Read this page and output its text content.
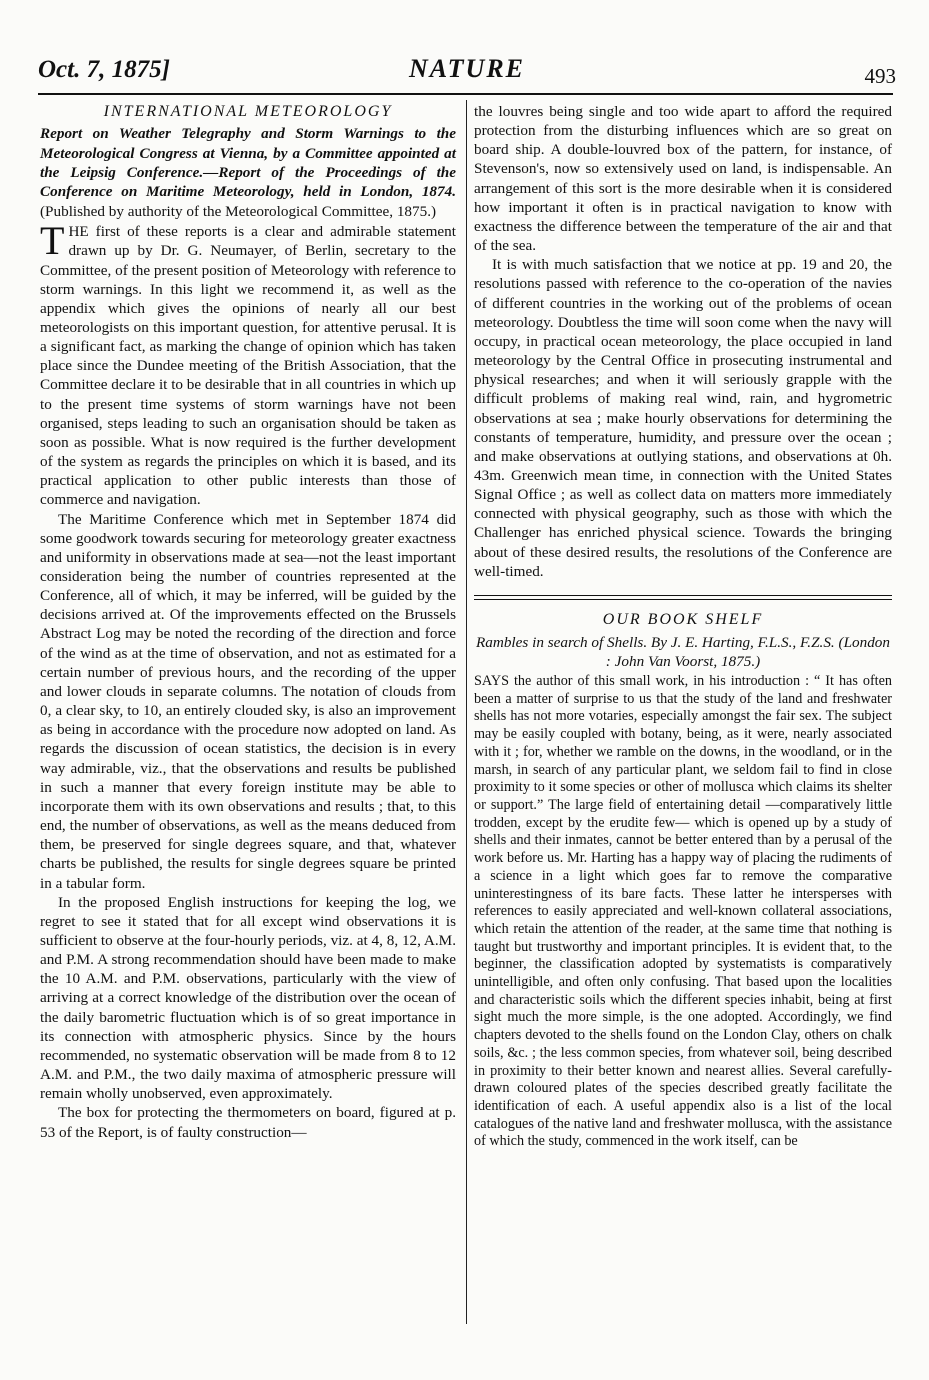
Oct. 7, 1875]	NATURE	493
INTERNATIONAL METEOROLOGY
Report on Weather Telegraphy and Storm Warnings to the Meteorological Congress at Vienna, by a Committee appointed at the Leipsig Conference.—Report of the Proceedings of the Conference on Maritime Meteorology, held in London, 1874. (Published by authority of the Meteorological Committee, 1875.)

THE first of these reports is a clear and admirable statement drawn up by Dr. G. Neumayer, of Berlin, secretary to the Committee, of the present position of Meteorology with reference to storm warnings. In this light we recommend it, as well as the appendix which gives the opinions of nearly all our best meteorologists on this important question, for attentive perusal. It is a significant fact, as marking the change of opinion which has taken place since the Dundee meeting of the British Association, that the Committee declare it to be desirable that in all countries in which up to the present time systems of storm warnings have not been organised, steps leading to such an organisation should be taken as soon as possible. What is now required is the further development of the system as regards the principles on which it is based, and its practical application to other public interests than those of commerce and navigation.

The Maritime Conference which met in September 1874 did some goodwork towards securing for meteorology greater exactness and uniformity in observations made at sea—not the least important consideration being the number of countries represented at the Conference, all of which, it may be inferred, will be guided by the decisions arrived at. Of the improvements effected on the Brussels Abstract Log may be noted the recording of the direction and force of the wind as at the time of observation, and not as estimated for a certain number of previous hours, and the recording of the upper and lower clouds in separate columns. The notation of clouds from 0, a clear sky, to 10, an entirely clouded sky, is also an improvement as being in accordance with the procedure now adopted on land. As regards the discussion of ocean statistics, the decision is in every way admirable, viz., that the observations and results be published in such a manner that every foreign institute may be able to incorporate them with its own observations and results ; that, to this end, the number of observations, as well as the means deduced from them, be preserved for single degrees square, and that, whatever charts be published, the results for single degrees square be printed in a tabular form.

In the proposed English instructions for keeping the log, we regret to see it stated that for all except wind observations it is sufficient to observe at the four-hourly periods, viz. at 4, 8, 12, A.M. and P.M. A strong recommendation should have been made to make the 10 A.M. and P.M. observations, particularly with the view of arriving at a correct knowledge of the distribution over the ocean of the daily barometric fluctuation which is of so great importance in its connection with atmospheric physics. Since by the hours recommended, no systematic observation will be made from 8 to 12 A.M. and P.M., the two daily maxima of atmospheric pressure will remain wholly unobserved, even approximately.

The box for protecting the thermometers on board, figured at p. 53 of the Report, is of faulty construction—

the louvres being single and too wide apart to afford the required protection from the disturbing influences which are so great on board ship. A double-louvred box of the pattern, for instance, of Stevenson's, now so extensively used on land, is indispensable. An arrangement of this sort is the more desirable when it is considered how important it often is in practical navigation to know with exactness the difference between the temperature of the air and that of the sea.

It is with much satisfaction that we notice at pp. 19 and 20, the resolutions passed with reference to the co-operation of the navies of different countries in the working out of the problems of ocean meteorology. Doubtless the time will soon come when the navy will occupy, in practical ocean meteorology, the place occupied in land meteorology by the Central Office in prosecuting instrumental and physical researches; and when it will seriously grapple with the difficult problems of making real wind, rain, and hygrometric observations at sea ; make hourly observations for determining the constants of temperature, humidity, and pressure over the ocean ; and make observations at outlying stations, and observations at 0h. 43m. Greenwich mean time, in connection with the United States Signal Office ; as well as collect data on matters more immediately connected with physical geography, such as those with which the Challenger has enriched physical science. Towards the bringing about of these desired results, the resolutions of the Conference are well-timed.

OUR BOOK SHELF
Rambles in search of Shells. By J. E. Harting, F.L.S., F.Z.S. (London : John Van Voorst, 1875.)

SAYS the author of this small work, in his introduction : “ It has often been a matter of surprise to us that the study of the land and freshwater shells has not more votaries, especially amongst the fair sex. The subject may be easily coupled with botany, being, as it were, nearly associated with it ; for, whether we ramble on the downs, in the woodland, or in the marsh, in search of any particular plant, we seldom fail to find in close proximity to it some species or other of mollusca which claims its shelter or support.” The large field of entertaining detail —comparatively little trodden, except by the erudite few— which is opened up by a study of shells and their inmates, cannot be better entered than by a perusal of the work before us. Mr. Harting has a happy way of placing the rudiments of a science in a light which goes far to remove the comparative uninterestingness of its bare facts. These latter he intersperses with references to easily appreciated and well-known collateral associations, which retain the attention of the reader, at the same time that nothing is taught but trustworthy and important principles. It is evident that, to the beginner, the classification adopted by systematists is comparatively unintelligible, and often only confusing. That based upon the localities and characteristic soils which the different species inhabit, being at first sight much the more simple, is the one adopted. Accordingly, we find chapters devoted to the shells found on the London Clay, others on chalk soils, &c. ; the less common species, from whatever soil, being described in proximity to their better known and nearest allies. Several carefully-drawn coloured plates of the species described greatly facilitate the identification of each. A useful appendix also is a list of the local catalogues of the native land and freshwater mollusca, with the assistance of which the study, commenced in the work itself, can be
